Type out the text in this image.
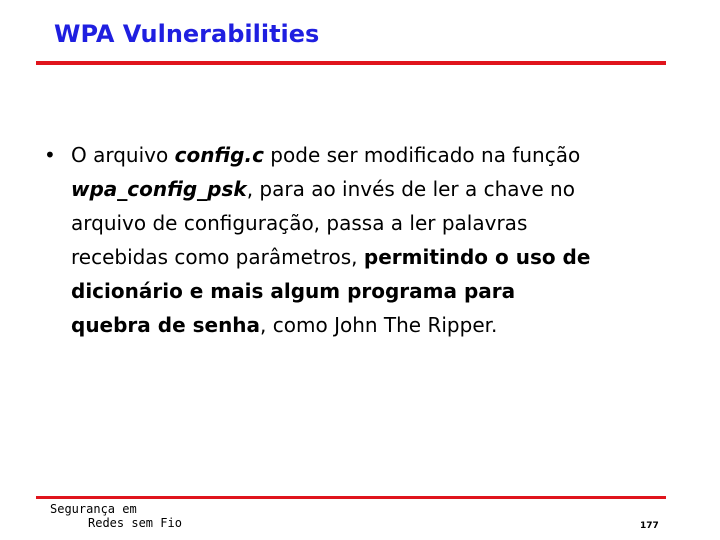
WPA Vulnerabilities
• O arquivo config.c pode ser modificado na função
wpa_config_psk, para ao invés de ler a chave no
arquivo de configuração, passa a ler palavras
recebidas como parâmetros, permitindo o uso de
dicionário e mais algum programa para
quebra de senha, como John The Ripper.
Segurança em
Redes sem Fio	177
